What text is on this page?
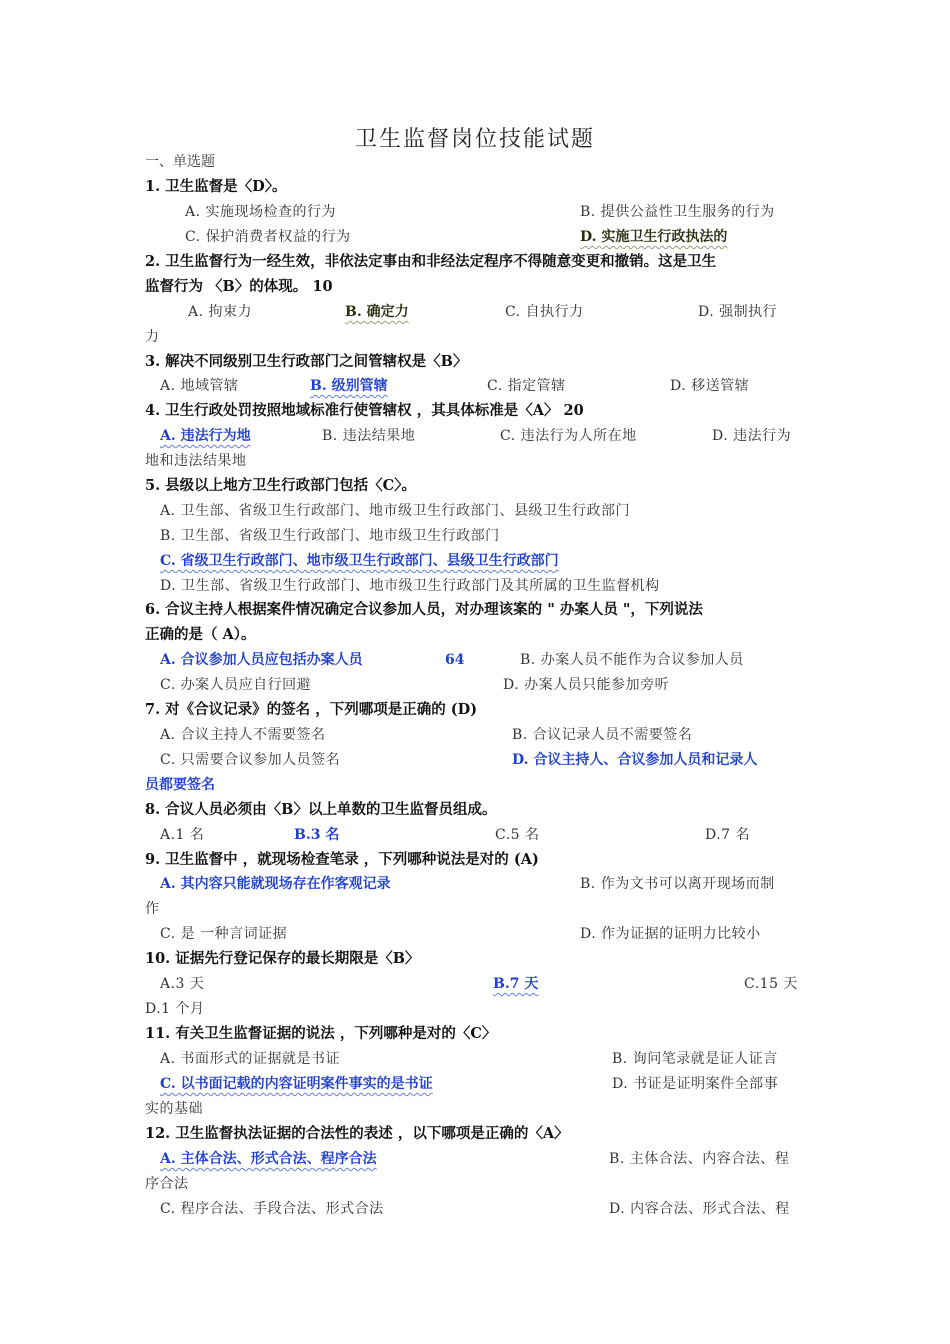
卫生监督岗位技能试题
一、单选题
1. 卫生监督是〈D〉。
A. 实施现场检查的行为	B. 提供公益性卫生服务的行为
C. 保护消费者权益的行为	D. 实施卫生行政执法的
2. 卫生监督行为一经生效，非依法定事由和非经法定程序不得随意变更和撤销。这是卫生
监督行为 〈B〉的体现。 10
A. 拘束力	B. 确定力	C. 自执行力	D. 强制执行
力
3. 解决不同级别卫生行政部门之间管辖权是〈B〉
A. 地域管辖	B. 级别管辖	C. 指定管辖	D. 移送管辖
4. 卫生行政处罚按照地域标准行使管辖权 ，其具体标准是〈A〉 20
A. 违法行为地	B. 违法结果地	C. 违法行为人所在地	D. 违法行为
地和违法结果地
5. 县级以上地方卫生行政部门包括〈C〉。
A. 卫生部、省级卫生行政部门、地市级卫生行政部门、县级卫生行政部门
B. 卫生部、省级卫生行政部门、地市级卫生行政部门
C. 省级卫生行政部门、地市级卫生行政部门、县级卫生行政部门
D. 卫生部、省级卫生行政部门、地市级卫生行政部门及其所属的卫生监督机构
6. 合议主持人根据案件情况确定合议参加人员，对办理该案的 " 办案人员 "，下列说法
正确的是（ A）。
A. 合议参加人员应包括办案人员	64	B. 办案人员不能作为合议参加人员
C. 办案人员应自行回避	D. 办案人员只能参加旁听
7. 对《合议记录》的签名 ，下列哪项是正确的 (D)
A. 合议主持人不需要签名	B. 合议记录人员不需要签名
C. 只需要合议参加人员签名	D. 合议主持人、合议参加人员和记录人
员都要签名
8. 合议人员必须由〈B〉以上单数的卫生监督员组成。
A.1 名	B.3 名	C.5 名	D.7 名
9. 卫生监督中 ，就现场检查笔录 ，下列哪种说法是对的 (A)
A. 其内容只能就现场存在作客观记录	B. 作为文书可以离开现场而制
作
C. 是 一种言词证据	D. 作为证据的证明力比较小
10. 证据先行登记保存的最长期限是〈B〉
A.3 天	B.7 天	C.15 天
D.1 个月
11. 有关卫生监督证据的说法 ，下列哪种是对的〈C〉
A. 书面形式的证据就是书证	B. 询问笔录就是证人证言
C. 以书面记载的内容证明案件事实的是书证	D. 书证是证明案件全部事
实的基础
12. 卫生监督执法证据的合法性的表述 ，以下哪项是正确的〈A〉
A. 主体合法、形式合法、程序合法	B. 主体合法、内容合法、程
序合法
C. 程序合法、手段合法、形式合法	D. 内容合法、形式合法、程
